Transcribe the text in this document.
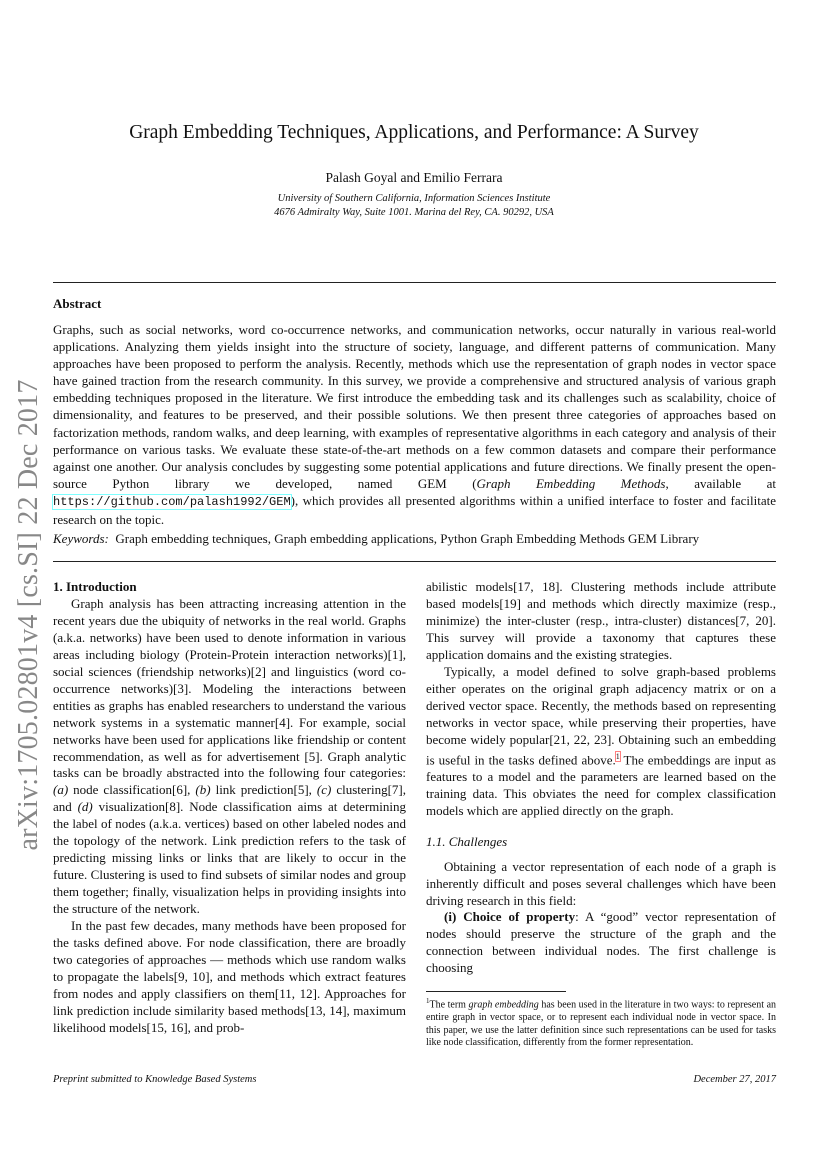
arXiv:1705.02801v4 [cs.SI] 22 Dec 2017
Graph Embedding Techniques, Applications, and Performance: A Survey
Palash Goyal and Emilio Ferrara
University of Southern California, Information Sciences Institute
4676 Admiralty Way, Suite 1001. Marina del Rey, CA. 90292, USA
Abstract
Graphs, such as social networks, word co-occurrence networks, and communication networks, occur naturally in various real-world applications. Analyzing them yields insight into the structure of society, language, and different patterns of communication. Many approaches have been proposed to perform the analysis. Recently, methods which use the representation of graph nodes in vector space have gained traction from the research community. In this survey, we provide a comprehensive and structured analysis of various graph embedding techniques proposed in the literature. We first introduce the embedding task and its challenges such as scalability, choice of dimensionality, and features to be preserved, and their possible solutions. We then present three categories of approaches based on factorization methods, random walks, and deep learning, with examples of representative algorithms in each category and analysis of their performance on various tasks. We evaluate these state-of-the-art methods on a few common datasets and compare their performance against one another. Our analysis concludes by suggesting some potential applications and future directions. We finally present the open-source Python library we developed, named GEM (Graph Embedding Methods, available at https://github.com/palash1992/GEM), which provides all presented algorithms within a unified interface to foster and facilitate research on the topic.
Keywords: Graph embedding techniques, Graph embedding applications, Python Graph Embedding Methods GEM Library

1. Introduction

Graph analysis has been attracting increasing attention in the recent years due the ubiquity of networks in the real world. Graphs (a.k.a. networks) have been used to denote information in various areas including biology (Protein-Protein interaction networks)[1], social sciences (friendship networks)[2] and linguistics (word co-occurrence networks)[3]. Modeling the interactions between entities as graphs has enabled researchers to understand the various network systems in a systematic manner[4]. For example, social networks have been used for applications like friendship or content recommendation, as well as for advertisement [5]. Graph analytic tasks can be broadly abstracted into the following four categories: (a) node classification[6], (b) link prediction[5], (c) clustering[7], and (d) visualization[8]. Node classification aims at determining the label of nodes (a.k.a. vertices) based on other labeled nodes and the topology of the network. Link prediction refers to the task of predicting missing links or links that are likely to occur in the future. Clustering is used to find subsets of similar nodes and group them together; finally, visualization helps in providing insights into the structure of the network.

In the past few decades, many methods have been proposed for the tasks defined above. For node classification, there are broadly two categories of approaches — methods which use random walks to propagate the labels[9, 10], and methods which extract features from nodes and apply classifiers on them[11, 12]. Approaches for link prediction include similarity based methods[13, 14], maximum likelihood models[15, 16], and prob-

abilistic models[17, 18]. Clustering methods include attribute based models[19] and methods which directly maximize (resp., minimize) the inter-cluster (resp., intra-cluster) distances[7, 20]. This survey will provide a taxonomy that captures these application domains and the existing strategies.

Typically, a model defined to solve graph-based problems either operates on the original graph adjacency matrix or on a derived vector space. Recently, the methods based on representing networks in vector space, while preserving their properties, have become widely popular[21, 22, 23]. Obtaining such an embedding is useful in the tasks defined above.$^1$ The embeddings are input as features to a model and the parameters are learned based on the training data. This obviates the need for complex classification models which are applied directly on the graph.

1.1. Challenges

Obtaining a vector representation of each node of a graph is inherently difficult and poses several challenges which have been driving research in this field:

(i) Choice of property: A “good” vector representation of nodes should preserve the structure of the graph and the connection between individual nodes. The first challenge is choosing

$^1$The term graph embedding has been used in the literature in two ways: to represent an entire graph in vector space, or to represent each individual node in vector space. In this paper, we use the latter definition since such representations can be used for tasks like node classification, differently from the former representation.
Preprint submitted to Knowledge Based Systems	December 27, 2017
